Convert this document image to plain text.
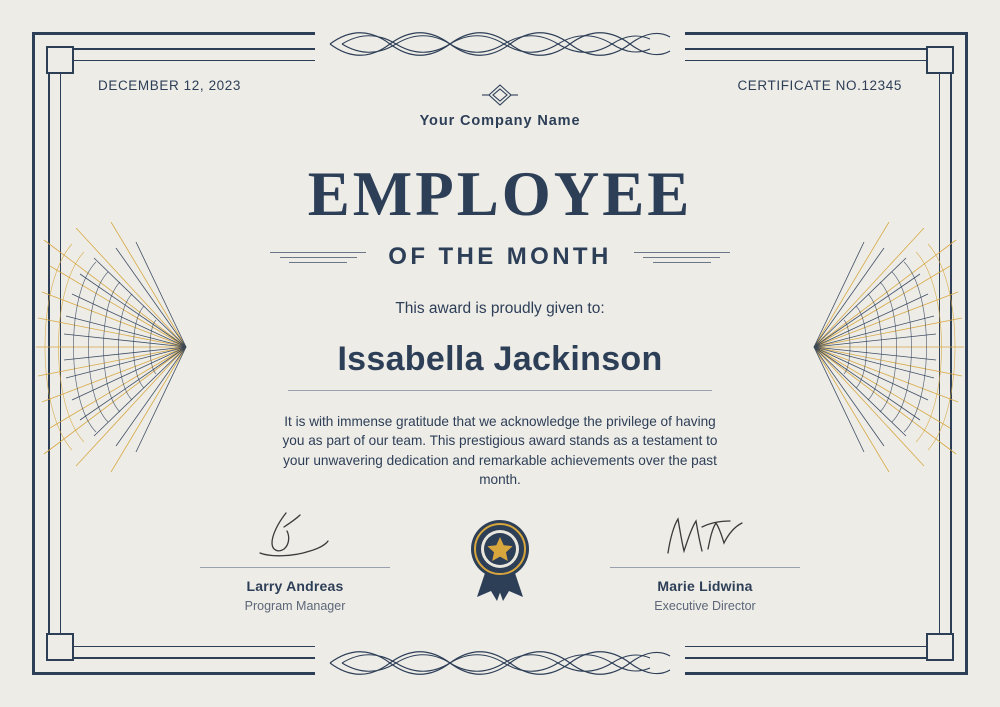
DECEMBER 12, 2023	CERTIFICATE NO.12345
Your Company Name
EMPLOYEE
OF THE MONTH
This award is proudly given to:
Issabella Jackinson
It is with immense gratitude that we acknowledge the privilege of having you as part of our team. This prestigious award stands as a testament to your unwavering dedication and remarkable achievements over the past month.
Larry Andreas
Program Manager
Marie Lidwina
Executive Director
